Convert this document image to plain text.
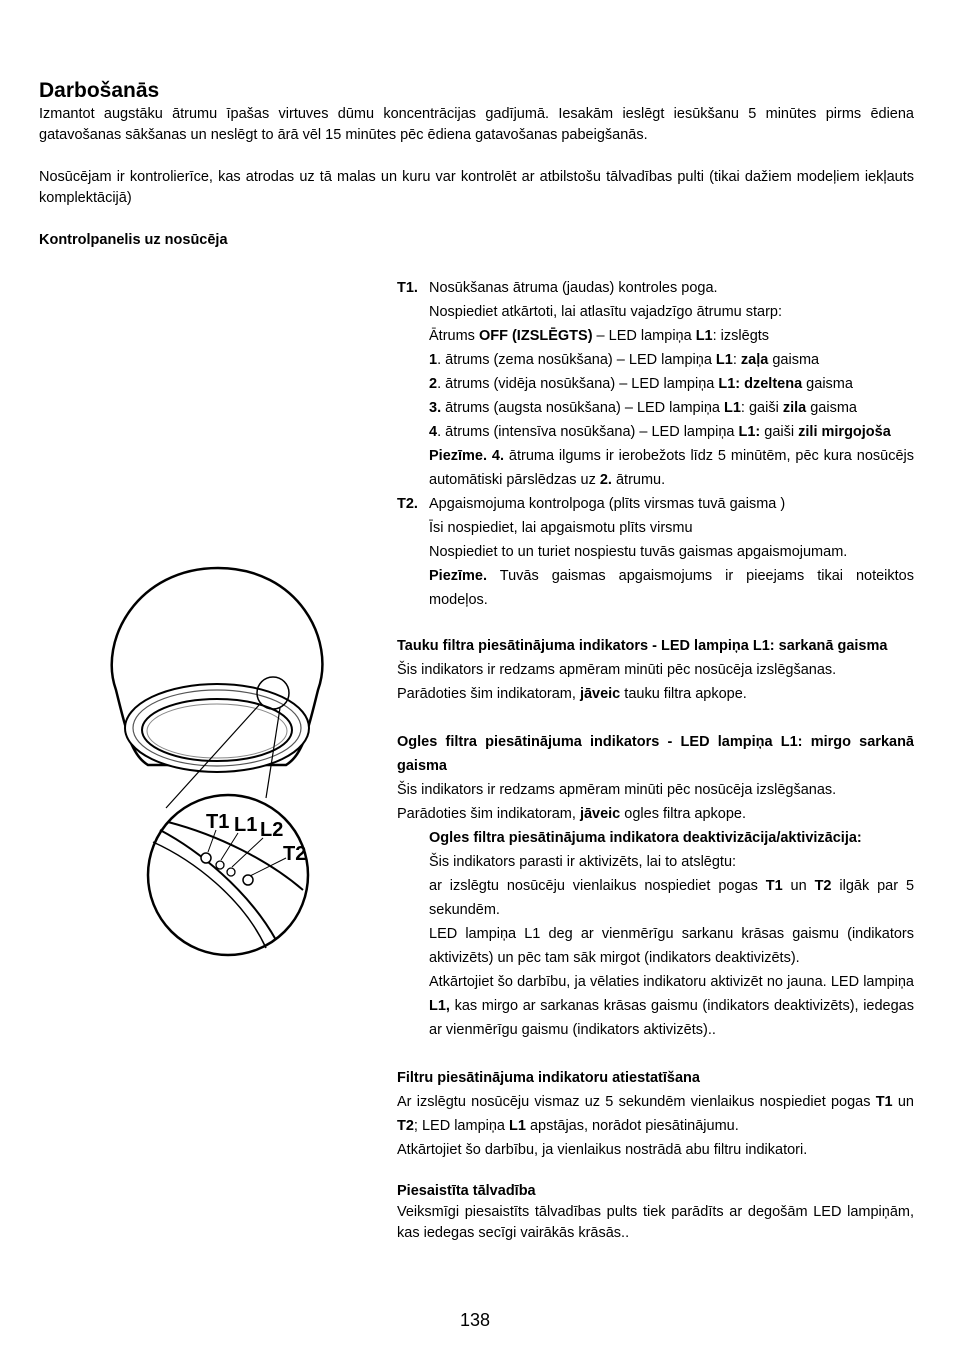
Darbošanās
Izmantot augstāku ātrumu īpašas virtuves dūmu koncentrācijas gadījumā. Iesakām ieslēgt iesūkšanu 5 minūtes pirms ēdiena gatavošanas sākšanas un neslēgt to ārā vēl 15 minūtes pēc ēdiena gatavošanas pabeigšanās.
Nosūcējam ir kontrolierīce, kas atrodas uz tā malas un kuru var kontrolēt ar atbilstošu tālvadības pulti (tikai dažiem modeļiem iekļauts komplektācijā)
Kontrolpanelis uz nosūcēja
T1. Nosūkšanas ātruma (jaudas) kontroles poga.
Nospiediet atkārtoti, lai atlasītu vajadzīgo ātrumu starp:
Ātrums OFF (IZSLĒGTS) – LED lampiņa L1: izslēgts
1. ātrums (zema nosūkšana) – LED lampiņa L1: zaļa gaisma
2. ātrums (vidēja nosūkšana) – LED lampiņa L1: dzeltena gaisma
3. ātrums (augsta nosūkšana) – LED lampiņa L1: gaiši zila gaisma
4. ātrums (intensīva nosūkšana) – LED lampiņa L1: gaiši zili mirgojoša
Piezīme. 4. ātruma ilgums ir ierobežots līdz 5 minūtēm, pēc kura nosūcējs automātiski pārslēdzas uz 2. ātrumu.
T2. Apgaismojuma kontrolpoga (plīts virsmas tuvā gaisma )
Īsi nospiediet, lai apgaismotu plīts virsmu
Nospiediet to un turiet nospiestu tuvās gaismas apgaismojumam.
Piezīme. Tuvās gaismas apgaismojums ir pieejams tikai noteiktos modeļos.
Tauku filtra piesātinājuma indikators - LED lampiņa L1: sarkanā gaisma
Šis indikators ir redzams apmēram minūti pēc nosūcēja izslēgšanas.
Parādoties šim indikatoram, jāveic tauku filtra apkope.
Ogles filtra piesātinājuma indikators - LED lampiņa L1: mirgo sarkanā gaisma
Šis indikators ir redzams apmēram minūti pēc nosūcēja izslēgšanas.
Parādoties šim indikatoram, jāveic ogles filtra apkope.
Ogles filtra piesātinājuma indikatora deaktivizācija/aktivizācija:
Šis indikators parasti ir aktivizēts, lai to atslēgtu:
ar izslēgtu nosūcēju vienlaikus nospiediet pogas T1 un T2 ilgāk par 5 sekundēm.
LED lampiņa L1 deg ar vienmērīgu sarkanu krāsas gaismu (indikators aktivizēts) un pēc tam sāk mirgot (indikators deaktivizēts).
Atkārtojiet šo darbību, ja vēlaties indikatoru aktivizēt no jauna. LED lampiņa L1, kas mirgo ar sarkanas krāsas gaismu (indikators deaktivizēts), iedegas ar vienmērīgu gaismu (indikators aktivizēts)..
Filtru piesātinājuma indikatoru atiestatīšana
Ar izslēgtu nosūcēju vismaz uz 5 sekundēm vienlaikus nospiediet pogas T1 un T2; LED lampiņa L1 apstājas, norādot piesātinājumu.
Atkārtojiet šo darbību, ja vienlaikus nostrādā abu filtru indikatori.
Piesaistīta tālvadība
Veiksmīgi piesaistīts tālvadības pults tiek parādīts ar degošām LED lampiņām, kas iedegas secīgi vairākās krāsās..
T1 L1 L2
T2
138
